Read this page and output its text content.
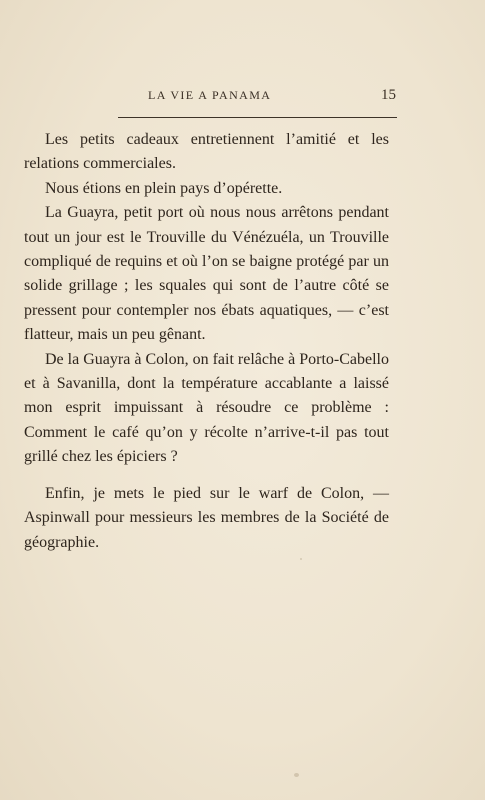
LA VIE A PANAMA	15

Les petits cadeaux entretiennent l’amitié et les relations commerciales.

Nous étions en plein pays d’opérette.

La Guayra, petit port où nous nous arrêtons pendant tout un jour est le Trouville du Vénézuéla, un Trouville compliqué de requins et où l’on se baigne protégé par un solide grillage ; les squales qui sont de l’autre côté se pressent pour contempler nos ébats aquatiques, — c’est flatteur, mais un peu gênant.

De la Guayra à Colon, on fait relâche à Porto-Cabello et à Savanilla, dont la température accablante a laissé mon esprit impuissant à résoudre ce problème : Comment le café qu’on y récolte n’arrive-t-il pas tout grillé chez les épiciers ?

Enfin, je mets le pied sur le warf de Colon, — Aspinwall pour messieurs les membres de la Société de géographie.
